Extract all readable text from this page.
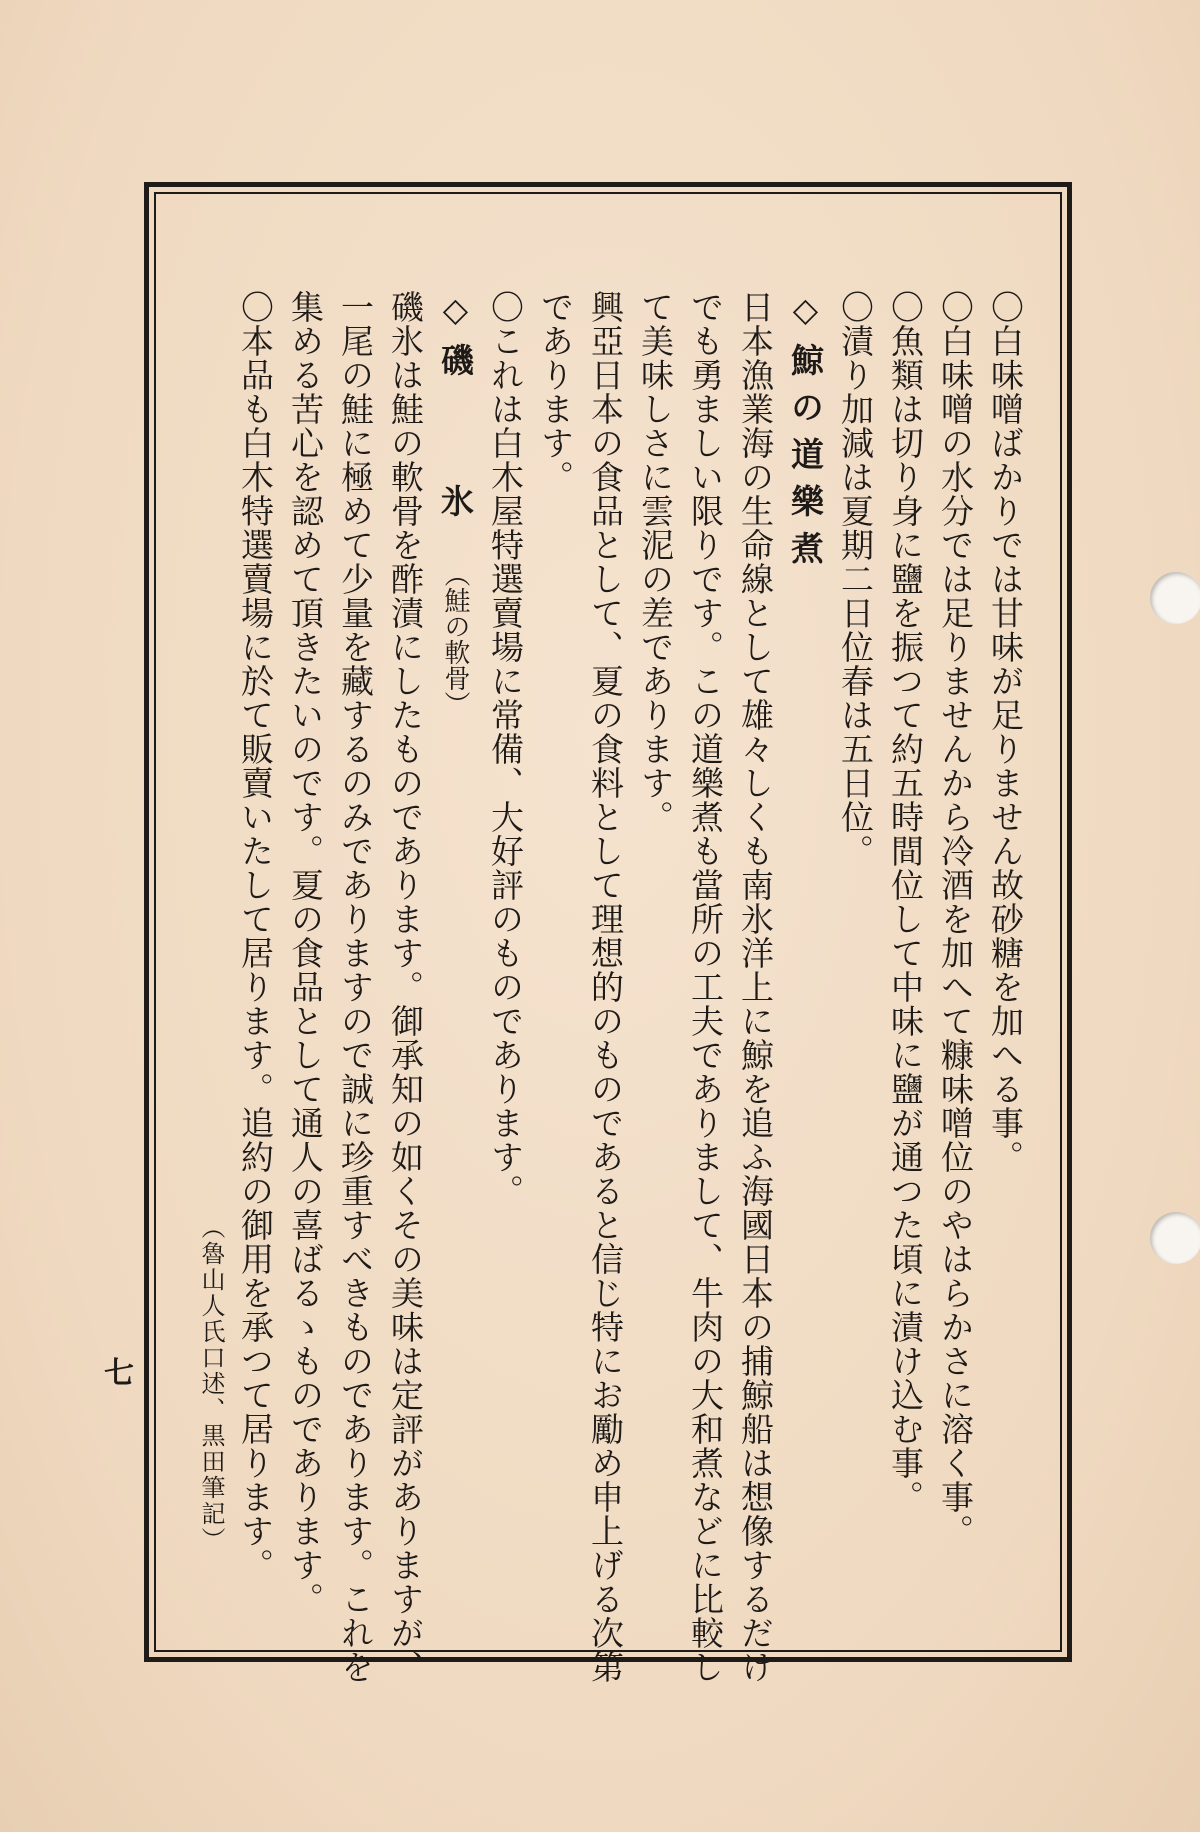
〇白味噌ばかりでは甘味が足りません故砂糖を加へる事。
〇白味噌の水分では足りませんから冷酒を加へて糠味噌位のやはらかさに溶く事。
〇魚類は切り身に鹽を振つて約五時間位して中味に鹽が通つた頃に漬け込む事。
〇漬り加減は夏期二日位春は五日位。
◇鯨の道樂煮
日本漁業海の生命線として雄々しくも南氷洋上に鯨を追ふ海國日本の捕鯨船は想像するだけ
でも勇ましい限りです。この道樂煮も當所の工夫でありまして、牛肉の大和煮などに比較し
て美味しさに雲泥の差であります。
興亞日本の食品として、夏の食料として理想的のものであると信じ特にお勵め申上げる次第
であります。
〇これは白木屋特選賣場に常備、大好評のものであります。
◇磯　　氷（鮭の軟骨）
磯氷は鮭の軟骨を酢漬にしたものであります。御承知の如くその美味は定評がありますが、
一尾の鮭に極めて少量を藏するのみでありますので誠に珍重すべきものであります。これを
集める苦心を認めて頂きたいのです。夏の食品として通人の喜ばるゝものであります。
〇本品も白木特選賣場に於て販賣いたして居ります。追約の御用を承つて居ります。
（魯山人氏口述、黒田筆記）
七
